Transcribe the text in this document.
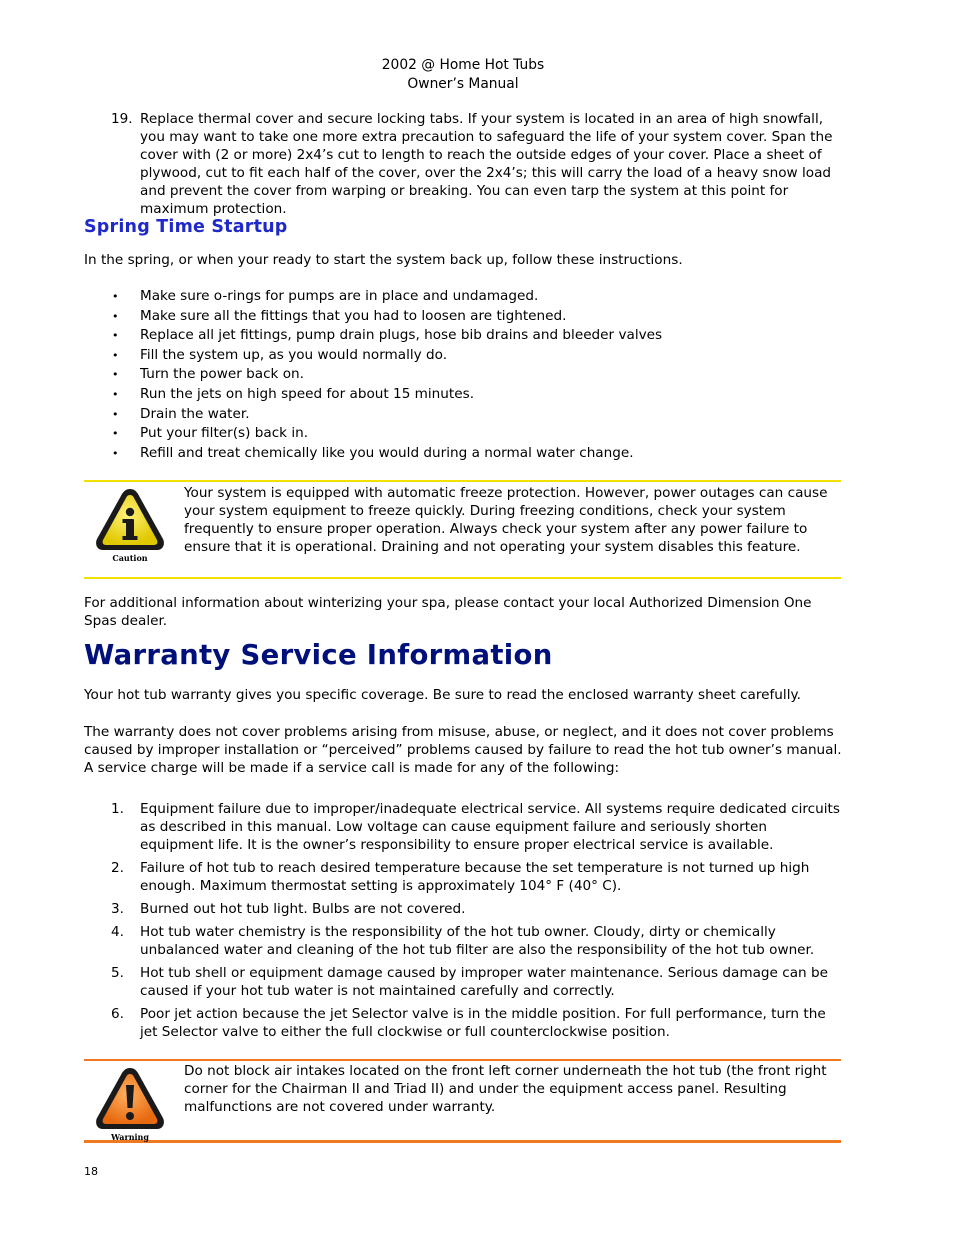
2002 @ Home Hot Tubs
Owner’s Manual
19. Replace thermal cover and secure locking tabs. If your system is located in an area of high snowfall, you may want to take one more extra precaution to safeguard the life of your system cover. Span the cover with (2 or more) 2x4’s cut to length to reach the outside edges of your cover. Place a sheet of plywood, cut to fit each half of the cover, over the 2x4’s; this will carry the load of a heavy snow load and prevent the cover from warping or breaking. You can even tarp the system at this point for maximum protection.
Spring Time Startup
In the spring, or when your ready to start the system back up, follow these instructions.
• Make sure o-rings for pumps are in place and undamaged.
• Make sure all the fittings that you had to loosen are tightened.
• Replace all jet fittings, pump drain plugs, hose bib drains and bleeder valves
• Fill the system up, as you would normally do.
• Turn the power back on.
• Run the jets on high speed for about 15 minutes.
• Drain the water.
• Put your filter(s) back in.
• Refill and treat chemically like you would during a normal water change.
Caution
Your system is equipped with automatic freeze protection. However, power outages can cause your system equipment to freeze quickly. During freezing conditions, check your system frequently to ensure proper operation. Always check your system after any power failure to ensure that it is operational. Draining and not operating your system disables this feature.
For additional information about winterizing your spa, please contact your local Authorized Dimension One Spas dealer.
Warranty Service Information
Your hot tub warranty gives you specific coverage. Be sure to read the enclosed warranty sheet carefully.
The warranty does not cover problems arising from misuse, abuse, or neglect, and it does not cover problems caused by improper installation or “perceived” problems caused by failure to read the hot tub owner’s manual. A service charge will be made if a service call is made for any of the following:
1. Equipment failure due to improper/inadequate electrical service. All systems require dedicated circuits as described in this manual. Low voltage can cause equipment failure and seriously shorten equipment life. It is the owner’s responsibility to ensure proper electrical service is available.
2. Failure of hot tub to reach desired temperature because the set temperature is not turned up high enough. Maximum thermostat setting is approximately 104° F (40° C).
3. Burned out hot tub light. Bulbs are not covered.
4. Hot tub water chemistry is the responsibility of the hot tub owner. Cloudy, dirty or chemically unbalanced water and cleaning of the hot tub filter are also the responsibility of the hot tub owner.
5. Hot tub shell or equipment damage caused by improper water maintenance. Serious damage can be caused if your hot tub water is not maintained carefully and correctly.
6. Poor jet action because the jet Selector valve is in the middle position. For full performance, turn the jet Selector valve to either the full clockwise or full counterclockwise position.
Warning
Do not block air intakes located on the front left corner underneath the hot tub (the front right corner for the Chairman II and Triad II) and under the equipment access panel. Resulting malfunctions are not covered under warranty.
18
